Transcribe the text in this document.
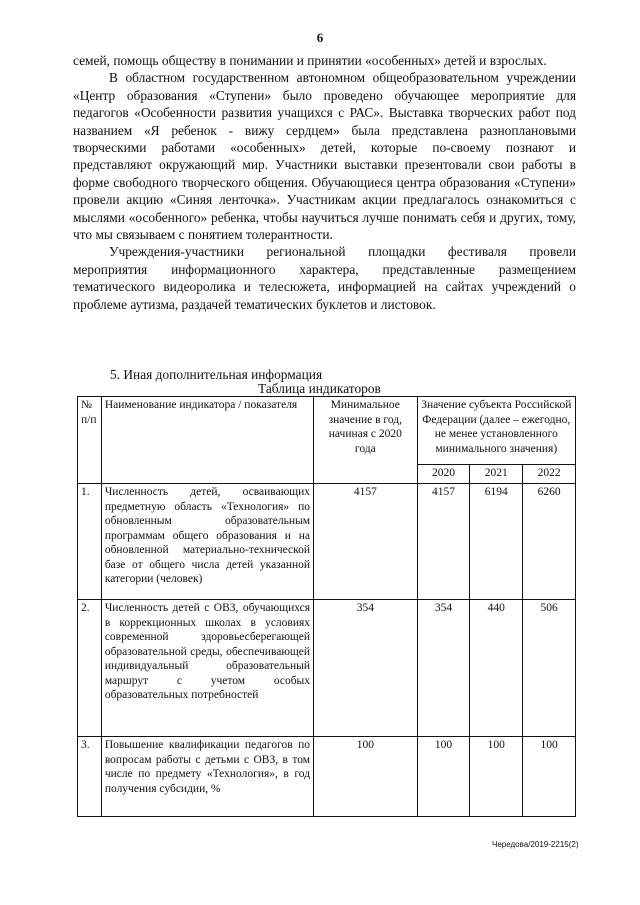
6

семей, помощь обществу в понимании и принятии «особенных» детей и взрослых.

В областном государственном автономном общеобразовательном учреждении «Центр образования «Ступени» было проведено обучающее мероприятие для педагогов «Особенности развития учащихся с РАС». Выставка творческих работ под названием «Я ребенок - вижу сердцем» была представлена разноплановыми творческими работами «особенных» детей, которые по-своему познают и представляют окружающий мир. Участники выставки презентовали свои работы в форме свободного творческого общения. Обучающиеся центра образования «Ступени» провели акцию «Синяя ленточка». Участникам акции предлагалось ознакомиться с мыслями «особенного» ребенка, чтобы научиться лучше понимать себя и других, тому, что мы связываем с понятием толерантности.

Учреждения-участники региональной площадки фестиваля провели мероприятия информационного характера, представленные размещением тематического видеоролика и телесюжета, информацией на сайтах учреждений о проблеме аутизма, раздачей тематических буклетов и листовок.

5. Иная дополнительная информация
Таблица индикаторов
№ п/п	Наименование индикатора / показателя	Минимальное значение в год, начиная с 2020 года	Значение субъекта Российской Федерации (далее – ежегодно, не менее установленного минимального значения)		
			2020	2021	2022
1.	Численность детей, осваивающих предметную область «Технология» по обновленным образовательным программам общего образования и на обновленной материально-технической базе от общего числа детей указанной категории (человек)	4157	4157	6194	6260
2.	Численность детей с ОВЗ, обучающихся в коррекционных школах в условиях современной здоровьесберегающей образовательной среды, обеспечивающей индивидуальный образовательный маршрут с учетом особых образовательных потребностей	354	354	440	506
3.	Повышение квалификации педагогов по вопросам работы с детьми с ОВЗ, в том числе по предмету «Технология», в год получения субсидии, %	100	100	100	100
Чередова/2019-2215(2)
